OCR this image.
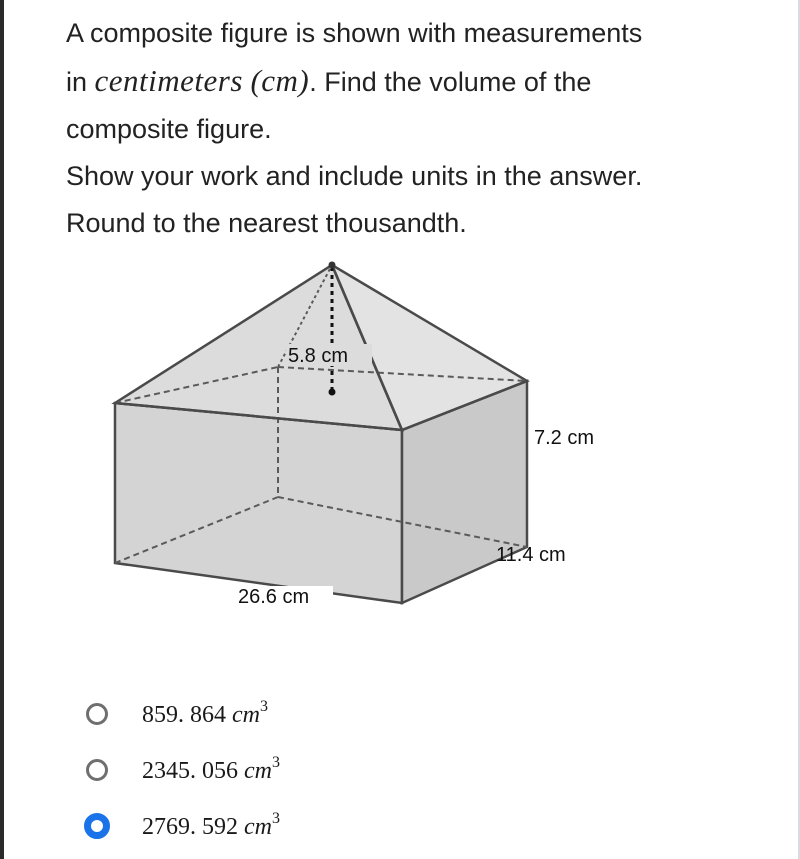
A composite figure is shown with measurements
in centimeters (cm). Find the volume of the
composite figure.
Show your work and include units in the answer.
Round to the nearest thousandth.
5.8 cm
7.2 cm
11.4 cm
26.6 cm
859. 864 $cm^3$
2345. 056 $cm^3$
2769. 592 $cm^3$
